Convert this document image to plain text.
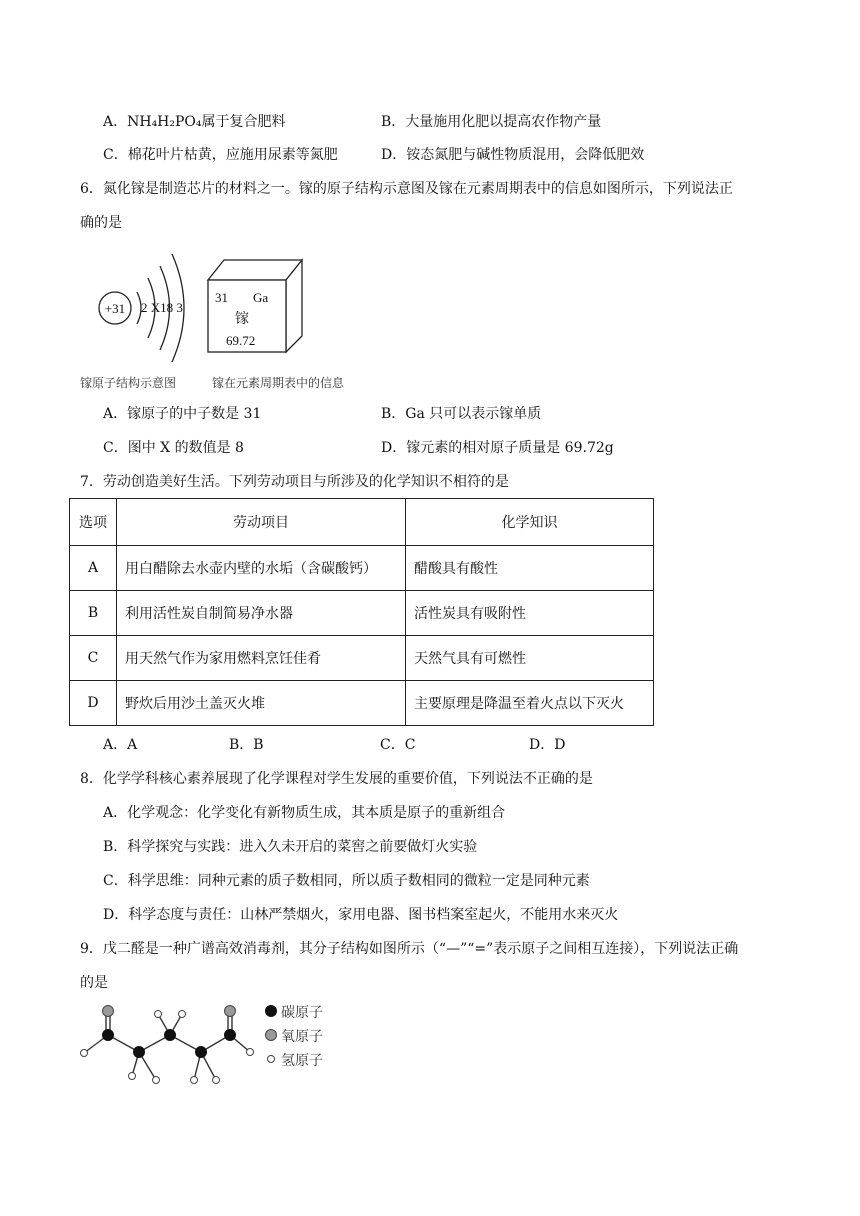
A．NH₄H₂PO₄属于复合肥料	B．大量施用化肥以提高农作物产量
C．棉花叶片枯黄，应施用尿素等氮肥	D．铵态氮肥与碱性物质混用，会降低肥效
6．氮化镓是制造芯片的材料之一。镓的原子结构示意图及镓在元素周期表中的信息如图所示，下列说法正
确的是
+31 2 X18 3
31 Ga
镓
69.72
镓原子结构示意图	镓在元素周期表中的信息
A．镓原子的中子数是 31	B．Ga 只可以表示镓单质
C．图中 X 的数值是 8	D．镓元素的相对原子质量是 69.72g
7．劳动创造美好生活。下列劳动项目与所涉及的化学知识不相符的是
选项	劳动项目	化学知识
A	用白醋除去水壶内壁的水垢（含碳酸钙）	醋酸具有酸性
B	利用活性炭自制简易净水器	活性炭具有吸附性
C	用天然气作为家用燃料烹饪佳肴	天然气具有可燃性
D	野炊后用沙土盖灭火堆	主要原理是降温至着火点以下灭火
A．A	B．B	C．C	D．D
8．化学学科核心素养展现了化学课程对学生发展的重要价值，下列说法不正确的是
A．化学观念：化学变化有新物质生成，其本质是原子的重新组合
B．科学探究与实践：进入久未开启的菜窖之前要做灯火实验
C．科学思维：同种元素的质子数相同，所以质子数相同的微粒一定是同种元素
D．科学态度与责任：山林严禁烟火，家用电器、图书档案室起火，不能用水来灭火
9．戊二醛是一种广谱高效消毒剂，其分子结构如图所示（“—”“=”表示原子之间相互连接），下列说法正确
的是
碳原子
氧原子
氢原子
